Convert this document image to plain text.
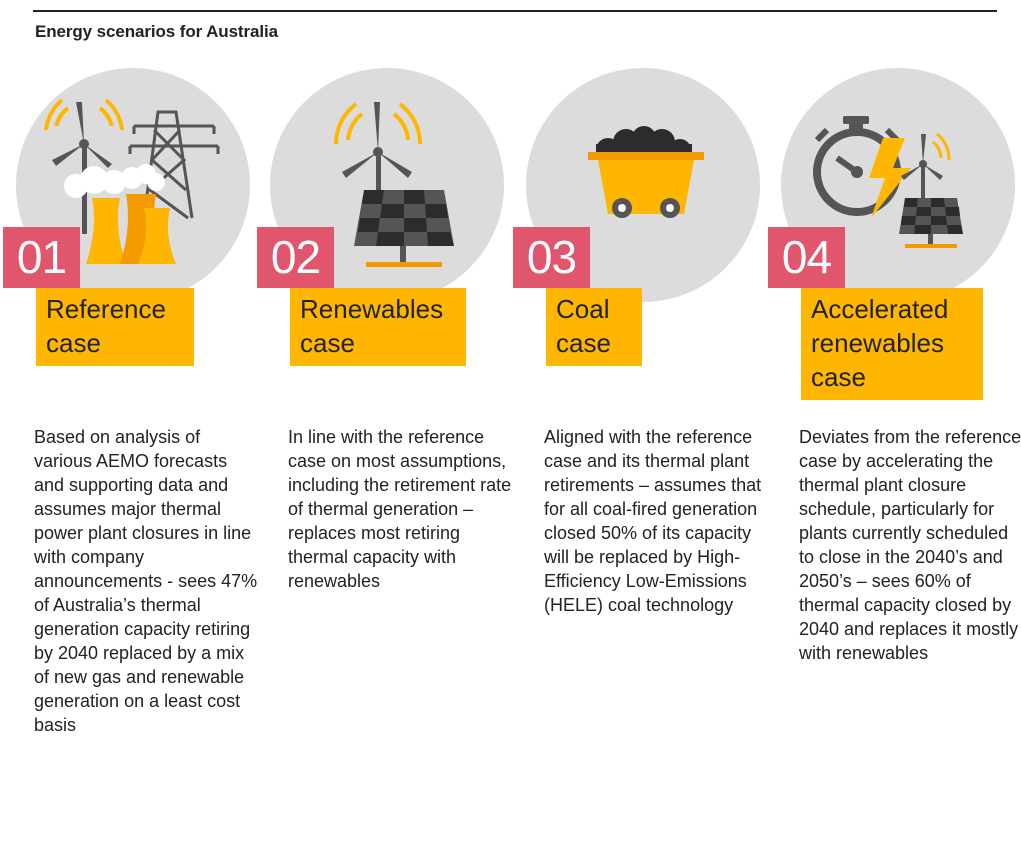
Energy scenarios for Australia
01
Reference
case
Based on analysis of various AEMO forecasts and supporting data and assumes major thermal power plant closures in line with company announcements - sees 47% of Australia’s thermal generation capacity retiring by 2040 replaced by a mix of new gas and renewable generation on a least cost basis
02
Renewables
case
In line with the reference case on most assumptions, including the retirement rate of thermal generation – replaces most retiring thermal capacity with renewables
03
Coal
case
Aligned with the reference case and its thermal plant retirements – assumes that for all coal-fired generation closed 50% of its capacity will be replaced by High-Efficiency Low-Emissions (HELE) coal technology
04
Accelerated
renewables
case
Deviates from the reference case by accelerating the thermal plant closure schedule, particularly for plants currently scheduled to close in the 2040’s and 2050’s – sees 60% of thermal capacity closed by 2040 and replaces it mostly with renewables
